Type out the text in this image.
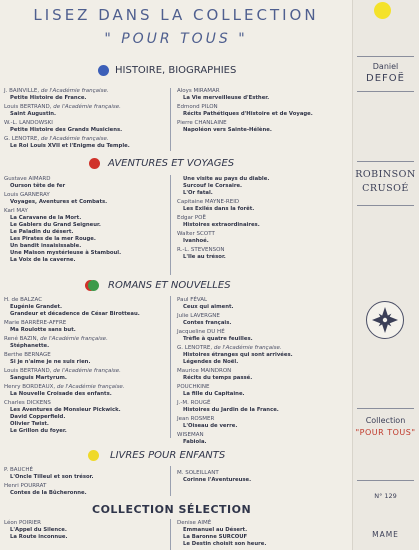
LISEZ DANS LA COLLECTION
" POUR TOUS "
HISTOIRE, BIOGRAPHIES
J. BAINVILLE, de l'Académie française.
Petite Histoire de France.
Louis BERTRAND, de l'Académie française.
Saint Augustin.
W.-L. LANDOWSKI
Petite Histoire des Grands Musiciens.
G. LENOTRE, de l'Académie française.
Le Roi Louis XVII et l'Enigme du Temple.
Aloys MIRAMAR
La Vie merveilleuse d'Esther.
Edmond PILON
Récits Pathétiques d'Histoire et de Voyage.
Pierre CHANLAINE
Napoléon vers Sainte-Hélène.
AVENTURES ET VOYAGES
Gustave AIMARD
Ourson tête de fer
Louis GARNERAY
Voyages, Aventures et Combats.
Karl MAY
La Caravane de la Mort.
Le Gablers du Grand Seigneur.
Le Paladin du désert.
Les Pirates de la mer Rouge.
Un bandit insaisissable.
Une Maison mystérieuse à Stamboul.
La Voix de la caverne.
Une visite au pays du diable.
Surcouf le Corsaire.
L'Or fatal.
Capitaine MAYNE-REID
Les Exilés dans la forêt.
Edgar POË
Histoires extraordinaires.
Walter SCOTT
Ivanhoé.
R.-L. STEVENSON
L'Ile au trésor.
ROMANS ET NOUVELLES
H. de BALZAC
Eugénie Grandet.
Grandeur et décadence de César Birotteau.
Marie BARRÈRE-AFFRE
Ma Roulotte sans but.
René BAZIN, de l'Académie française.
Stéphanette.
Berthe BERNAGE
Si je n'aime je ne suis rien.
Louis BERTRAND, de l'Académie française.
Sanguis Martyrum.
Henry BORDEAUX, de l'Académie française.
La Nouvelle Croisade des enfants.
Charles DICKENS
Les Aventures de Monsieur Pickwick.
David Copperfield.
Olivier Twist.
Le Grillon du foyer.
Paul FÉVAL
Ceux qui aiment.
Julie LAVERGNE
Contes français.
Jacqueline DU HÉ
Trèfle à quatre feuilles.
G. LENOTRE, de l'Académie française.
Histoires étranges qui sont arrivées.
Légendes de Noël.
Maurice MAINDRON
Récits du temps passé.
POUCHKINE
La fille du Capitaine.
J.-M. ROUGÉ
Histoires du Jardin de la France.
Jean ROSMER
L'Oiseau de verre.
WISEMAN
Fabiola.
LIVRES POUR ENFANTS
P. BAUCHÉ
L'Oncle Tilleul et son trésor.
Henri POURRAT
Contes de la Bûcheronne.
M. SOLEILLANT
Corinne l'Aventureuse.
COLLECTION SÉLECTION
Léon POIRIER
L'Appel du Silence.
La Route inconnue.
Denise AIMÉ
Emmanuel au Désert.
La Baronne SURCOUF
Le Destin choisit son heure.
Daniel
DEFOË
ROBINSON
CRUSOÉ
Collection
"POUR TOUS"
N° 129
MAME
